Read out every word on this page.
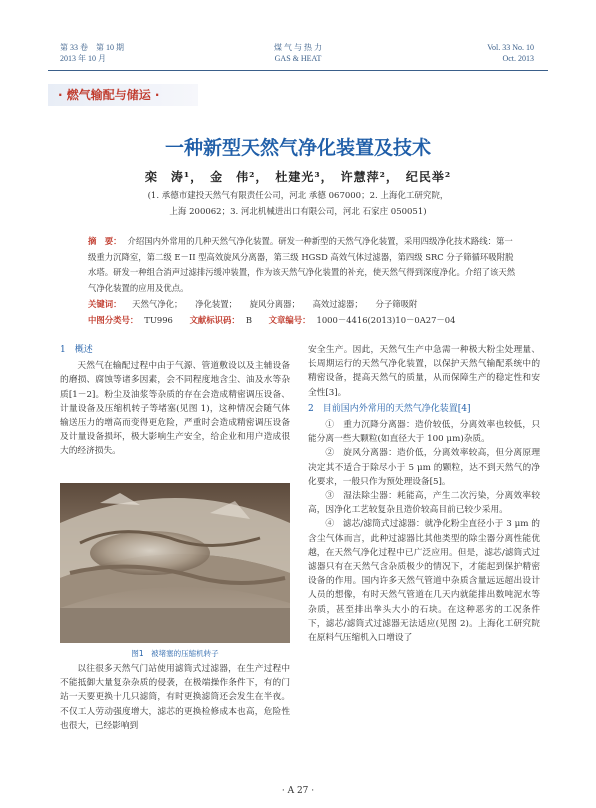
第 33 卷　第 10 期
2013 年 10 月
煤 气 与 热 力
GAS & HEAT
Vol. 33 No. 10
Oct. 2013
· 燃气输配与储运 ·
一种新型天然气净化装置及技术
栾　涛¹，　金　伟²，　杜建光³，　许慧萍²，　纪民举²
(1. 承德市建投天然气有限责任公司，河北 承德 067000；2. 上海化工研究院，
上海 200062；3. 河北机械进出口有限公司，河北 石家庄 050051)
摘　要： 介绍国内外常用的几种天然气净化装置。研发一种新型的天然气净化装置，采用四级净化技术路线：第一级重力沉降室，第二级 E－II 型高效旋风分离器，第三级 HGSD 高效气体过滤器，第四级 SRC 分子筛循环吸附脱水塔。研发一种组合消声过滤排污缓冲装置，作为该天然气净化装置的补充，使天然气得到深度净化。介绍了该天然气净化装置的应用及优点。
关键词： 天然气净化； 净化装置； 旋风分离器； 高效过滤器； 分子筛吸附
中图分类号： TU996 文献标识码： B 文章编号： 1000－4416(2013)10－0A27－04
1　概述

天然气在输配过程中由于气源、管道敷设以及主辅设备的磨损、腐蚀等诸多因素，会不同程度地含尘、油及水等杂质[1－2]。粉尘及油浆等杂质的存在会造成精密调压设备、计量设备及压缩机转子等堵塞(见图 1)，这种情况会随气体输送压力的增高而变得更危险，严重时会造成精密调压设备及计量设备损坏，极大影响生产安全，给企业和用户造成很大的经济损失。

图1　被堵塞的压缩机转子

以往很多天然气门站使用滤筒式过滤器，在生产过程中不能抵御大量复杂杂质的侵袭，在极端操作条件下，有的门站一天要更换十几只滤筒，有时更换滤筒还会发生在半夜。不仅工人劳动强度增大，滤芯的更换检修成本也高，危险性也很大，已经影响到

安全生产。因此，天然气生产中急需一种极大粉尘处理量、长周期运行的天然气净化装置，以保护天然气输配系统中的精密设备，提高天然气的质量，从而保障生产的稳定性和安全性[3]。

2　目前国内外常用的天然气净化装置[4]

①　重力沉降分离器：造价较低，分离效率也较低，只能分离一些大颗粒(如直径大于 100 μm)杂质。

②　旋风分离器：造价低，分离效率较高，但分离原理决定其不适合于除尽小于 5 μm 的颗粒，达不到天然气的净化要求，一般只作为预处理设备[5]。

③　湿法除尘器：耗能高，产生二次污染，分离效率较高，因净化工艺较复杂且造价较高目前已较少采用。

④　滤芯/滤筒式过滤器：就净化粉尘直径小于 3 μm 的含尘气体而言，此种过滤器比其他类型的除尘器分离性能优越，在天然气净化过程中已广泛应用。但是，滤芯/滤筒式过滤器只有在天然气含杂质极少的情况下，才能起到保护精密设备的作用。国内许多天然气管道中杂质含量远远超出设计人员的想像，有时天然气管道在几天内就能排出数吨泥水等杂质，甚至排出拳头大小的石块。在这种恶劣的工况条件下，滤芯/滤筒式过滤器无法适应(见图 2)。上海化工研究院在原料气压缩机入口增设了

· A 27 ·
